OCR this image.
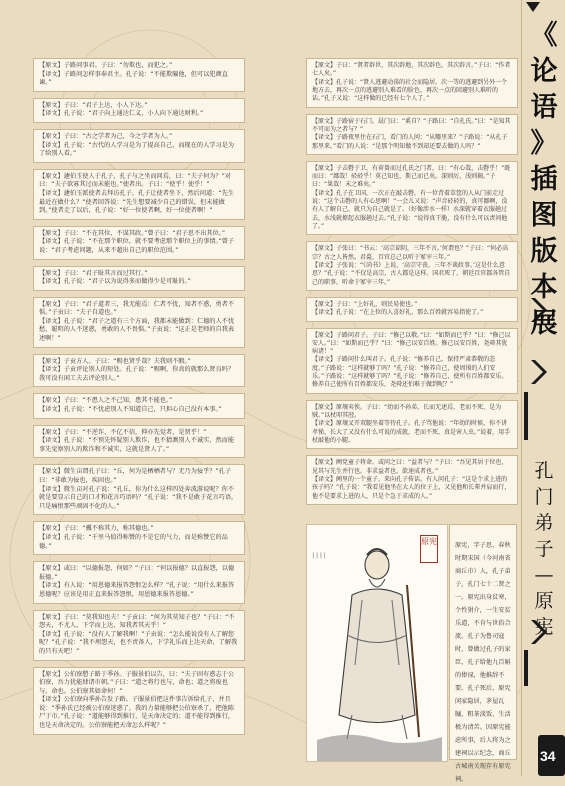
【原文】子路问事君。子曰：“勿欺也，而犯之。”

【译文】子路问怎样事奉君主。孔子说：“不能欺骗他，但可以犯颜直谏。”

【原文】子曰：“君子上达，小人下达。”

【译文】孔子说：“君子向上通达仁义，小人向下通达财利。”

【原文】子曰：“古之学者为己，今之学者为人。”

【译文】孔子说：“古代的人学习是为了提高自己，而现在的人学习是为了给别人看。”

【原文】蘧伯玉使人于孔子，孔子与之坐而问焉，曰：“夫子何为？”对曰：“夫子欲寡其过而未能也。”使者出。子曰：“使乎！使乎！”

【译文】蘧伯玉派使者去拜访孔子。孔子让使者坐下，然后问道：“先生最近在做什么？”使者回答说：“先生想要减少自己的错误，但未能做到。”使者走了以后，孔子说：“好一位使者啊，好一位使者啊！”

【原文】子曰：“不在其位，不谋其政。”曾子曰：“君子思不出其位。”

【译文】孔子说：“不在那个职位，就不要考虑那个职位上的事情。”曾子说：“君子考虑问题，从来不超出自己的职位范围。”

【原文】子曰：“君子耻其言而过其行。”

【译文】孔子说：“君子以为说得多而做得少是可耻的。”

【原文】子曰：“君子道者三，我无能焉：仁者不忧，知者不惑，勇者不惧。”子贡曰：“夫子自道也。”

【译文】孔子说：“君子之道有三个方面，我都未能做到：仁德的人不忧愁，聪明的人不迷惑，勇敢的人不畏惧。”子贡说：“这正是老师的自我表述啊！”

【原文】子贡方人。子曰：“赐也贤乎哉？夫我则不暇。”

【译文】子贡评论别人的短处。孔子说：“赐啊，你真的就那么贤良吗？我可没有闲工夫去评论别人。”

【原文】子曰：“不患人之不己知，患其不能也。”

【译文】孔子说：“不忧虑别人不知道自己，只担心自己没有本事。”

【原文】子曰：“不逆诈，不亿不信，抑亦先觉者，是贤乎！”

【译文】孔子说：“不预先怀疑别人欺诈，也不猜测别人不诚实，然而能事先觉察别人的欺诈和不诚实，这就是贤人了。”

【原文】微生亩谓孔子曰：“丘，何为是栖栖者与？无乃为佞乎？”孔子曰：“非敢为佞也，疾固也。”

【译文】微生亩对孔子说：“孔丘，你为什么这样四处奔波游说呢？你不就是要显示自己的口才和花言巧语吗？”孔子说：“我不是敢于花言巧语，只是痛恨那些顽固不化的人。”

【原文】子曰：“骥不称其力，称其德也。”

【译文】孔子说：“千里马值得称赞的不是它的气力，而是称赞它的品德。”

【原文】或曰：“以德报怨，何如？”子曰：“何以报德？以直报怨，以德报德。”

【译文】有人说：“用恩德来报答怨恨怎么样？”孔子说：“用什么来报答恩德呢？应该是用正直来报答怨恨，用恩德来报答恩德。”

【原文】子曰：“莫我知也夫！”子贡曰：“何为其莫知子也？”子曰：“不怨天，不尤人，下学而上达，知我者其天乎！”

【译文】孔子说：“没有人了解我啊！”子贡说：“怎么能说没有人了解您呢？”孔子说：“我不埋怨天，也不责备人，下学礼乐而上达天命，了解我的只有天吧！”

【原文】公伯寮愬子路于季孙。子服景伯以告，曰：“夫子固有惑志于公伯寮，吾力犹能肆诸市朝。”子曰：“道之将行也与，命也；道之将废也与，命也。公伯寮其如命何！”

【译文】公伯寮向季孙告发子路。子服景伯把这件事告诉给孔子，并且说：“季孙氏已经被公伯寮迷惑了，我的力量能够把公伯寮杀了，把他陈尸于市。”孔子说：“道能够得到推行，是天命决定的；道不能得到推行，也是天命决定的。公伯寮能把天命怎么样呢？”

【原文】子曰：“贤者辟世，其次辟地，其次辟色，其次辟言。”子曰：“作者七人矣。”

【译文】孔子说：“贤人逃避动荡的社会而隐居，次一等的逃避到另外一个地方去，再次一点的逃避别人难看的脸色，再次一点的回避别人难听的话。”孔子又说：“这样做的已经有七个人了。”

【原文】子路宿于石门。晨门曰：“奚自？”子路曰：“自孔氏。”曰：“是知其不可而为之者与？”

【译文】子路夜里住在石门，看门的人问：“从哪里来？”子路说：“从孔子那里来。”看门的人说：“是那个明知做不到却还要去做的人吗？”

【原文】子击磬于卫，有荷蒉而过孔氏之门者，曰：“有心哉，击磬乎！”既而曰：“鄙哉！硁硁乎！莫己知也，斯己而已矣。深则厉，浅则揭。”子曰：“果哉！末之难矣。”

【译文】孔子在卫国，一次正在敲击磬，有一位背着草筐的人从门前走过说：“这个击磬的人有心思啊！”一会儿又说：“声音硁硁的，真可鄙啊，没有人了解自己，就只为自己就是了。（好像涉水一样）水深就穿着衣服趟过去，水浅就撩起衣服趟过去。”孔子说：“说得真干脆，没有什么可以责问他了。”

【原文】子张曰：“书云：‘高宗谅阴，三年不言。’何谓也？”子曰：“何必高宗？古之人皆然。君薨，百官总己以听于冢宰三年。”

【译文】子张说：“《尚书》上说，‘高宗守丧，三年不谈政事。’这是什么意思？”孔子说：“不仅是高宗，古人都是这样。国君死了，朝廷百官都各管自己的职事，听命于冢宰三年。”

【原文】子曰：“上好礼，则民易使也。”

【译文】孔子说：“在上位的人喜好礼，那么百姓就容易指使了。”

【原文】子路问君子。子曰：“修己以敬。”曰：“如斯而已乎？”曰：“修己以安人。”曰：“如斯而已乎？”曰：“修己以安百姓。修己以安百姓，尧舜其犹病诸！”

【译文】子路问什么叫君子。孔子说：“修养自己，保持严肃恭敬的态度。”子路说：“这样就够了吗？”孔子说：“修养自己，使周围的人们安乐。”子路说：“这样就够了吗？”孔子说：“修养自己，使所有百姓都安乐。修养自己使所有百姓都安乐，尧舜还怕难于做到呢？”

【原文】原壤夷俟。子曰：“幼而不孙弟，长而无述焉，老而不死，是为贼。”以杖叩其胫。

【译文】原壤叉开双腿坐着等待孔子。孔子骂他说：“年幼的时候，你不讲孝悌，长大了又没有什么可说的成就，老而不死，真是害人虫。”说着，用手杖敲他的小腿。

【原文】阙党童子将命。或问之曰：“益者与？”子曰：“吾见其居于位也，见其与先生并行也。非求益者也，欲速成者也。”

【译文】阙里的一个童子，来向孔子传话。有人问孔子：“这是个求上进的孩子吗？”孔子说：“我看见他坐在大人的位子上，又见他和长辈并肩而行，他不是要求上进的人，只是个急于求成的人。”

原宪
▏▏▏▏
原宪，字子思，春秋时期宋国（今河南省商丘市）人，孔子弟子，孔门七十二贤之一。原宪出身贫寒，个性狷介，一生安贫乐道，不肯与世俗合流。孔子为鲁司寇时，曾做过孔子的家臣，孔子给他九百斛的俸禄，他推辞不要。孔子死后，原宪闲家隐居，茅屋瓦牖，粗茶淡饭，生活极为清苦。因原宪能虑所事，后人将为之建祠以示纪念，商丘古城南关现存有原宪祠。
《
论
语
》
插
图
版
本
展
孔
门
弟
子
—
原
宪
34
